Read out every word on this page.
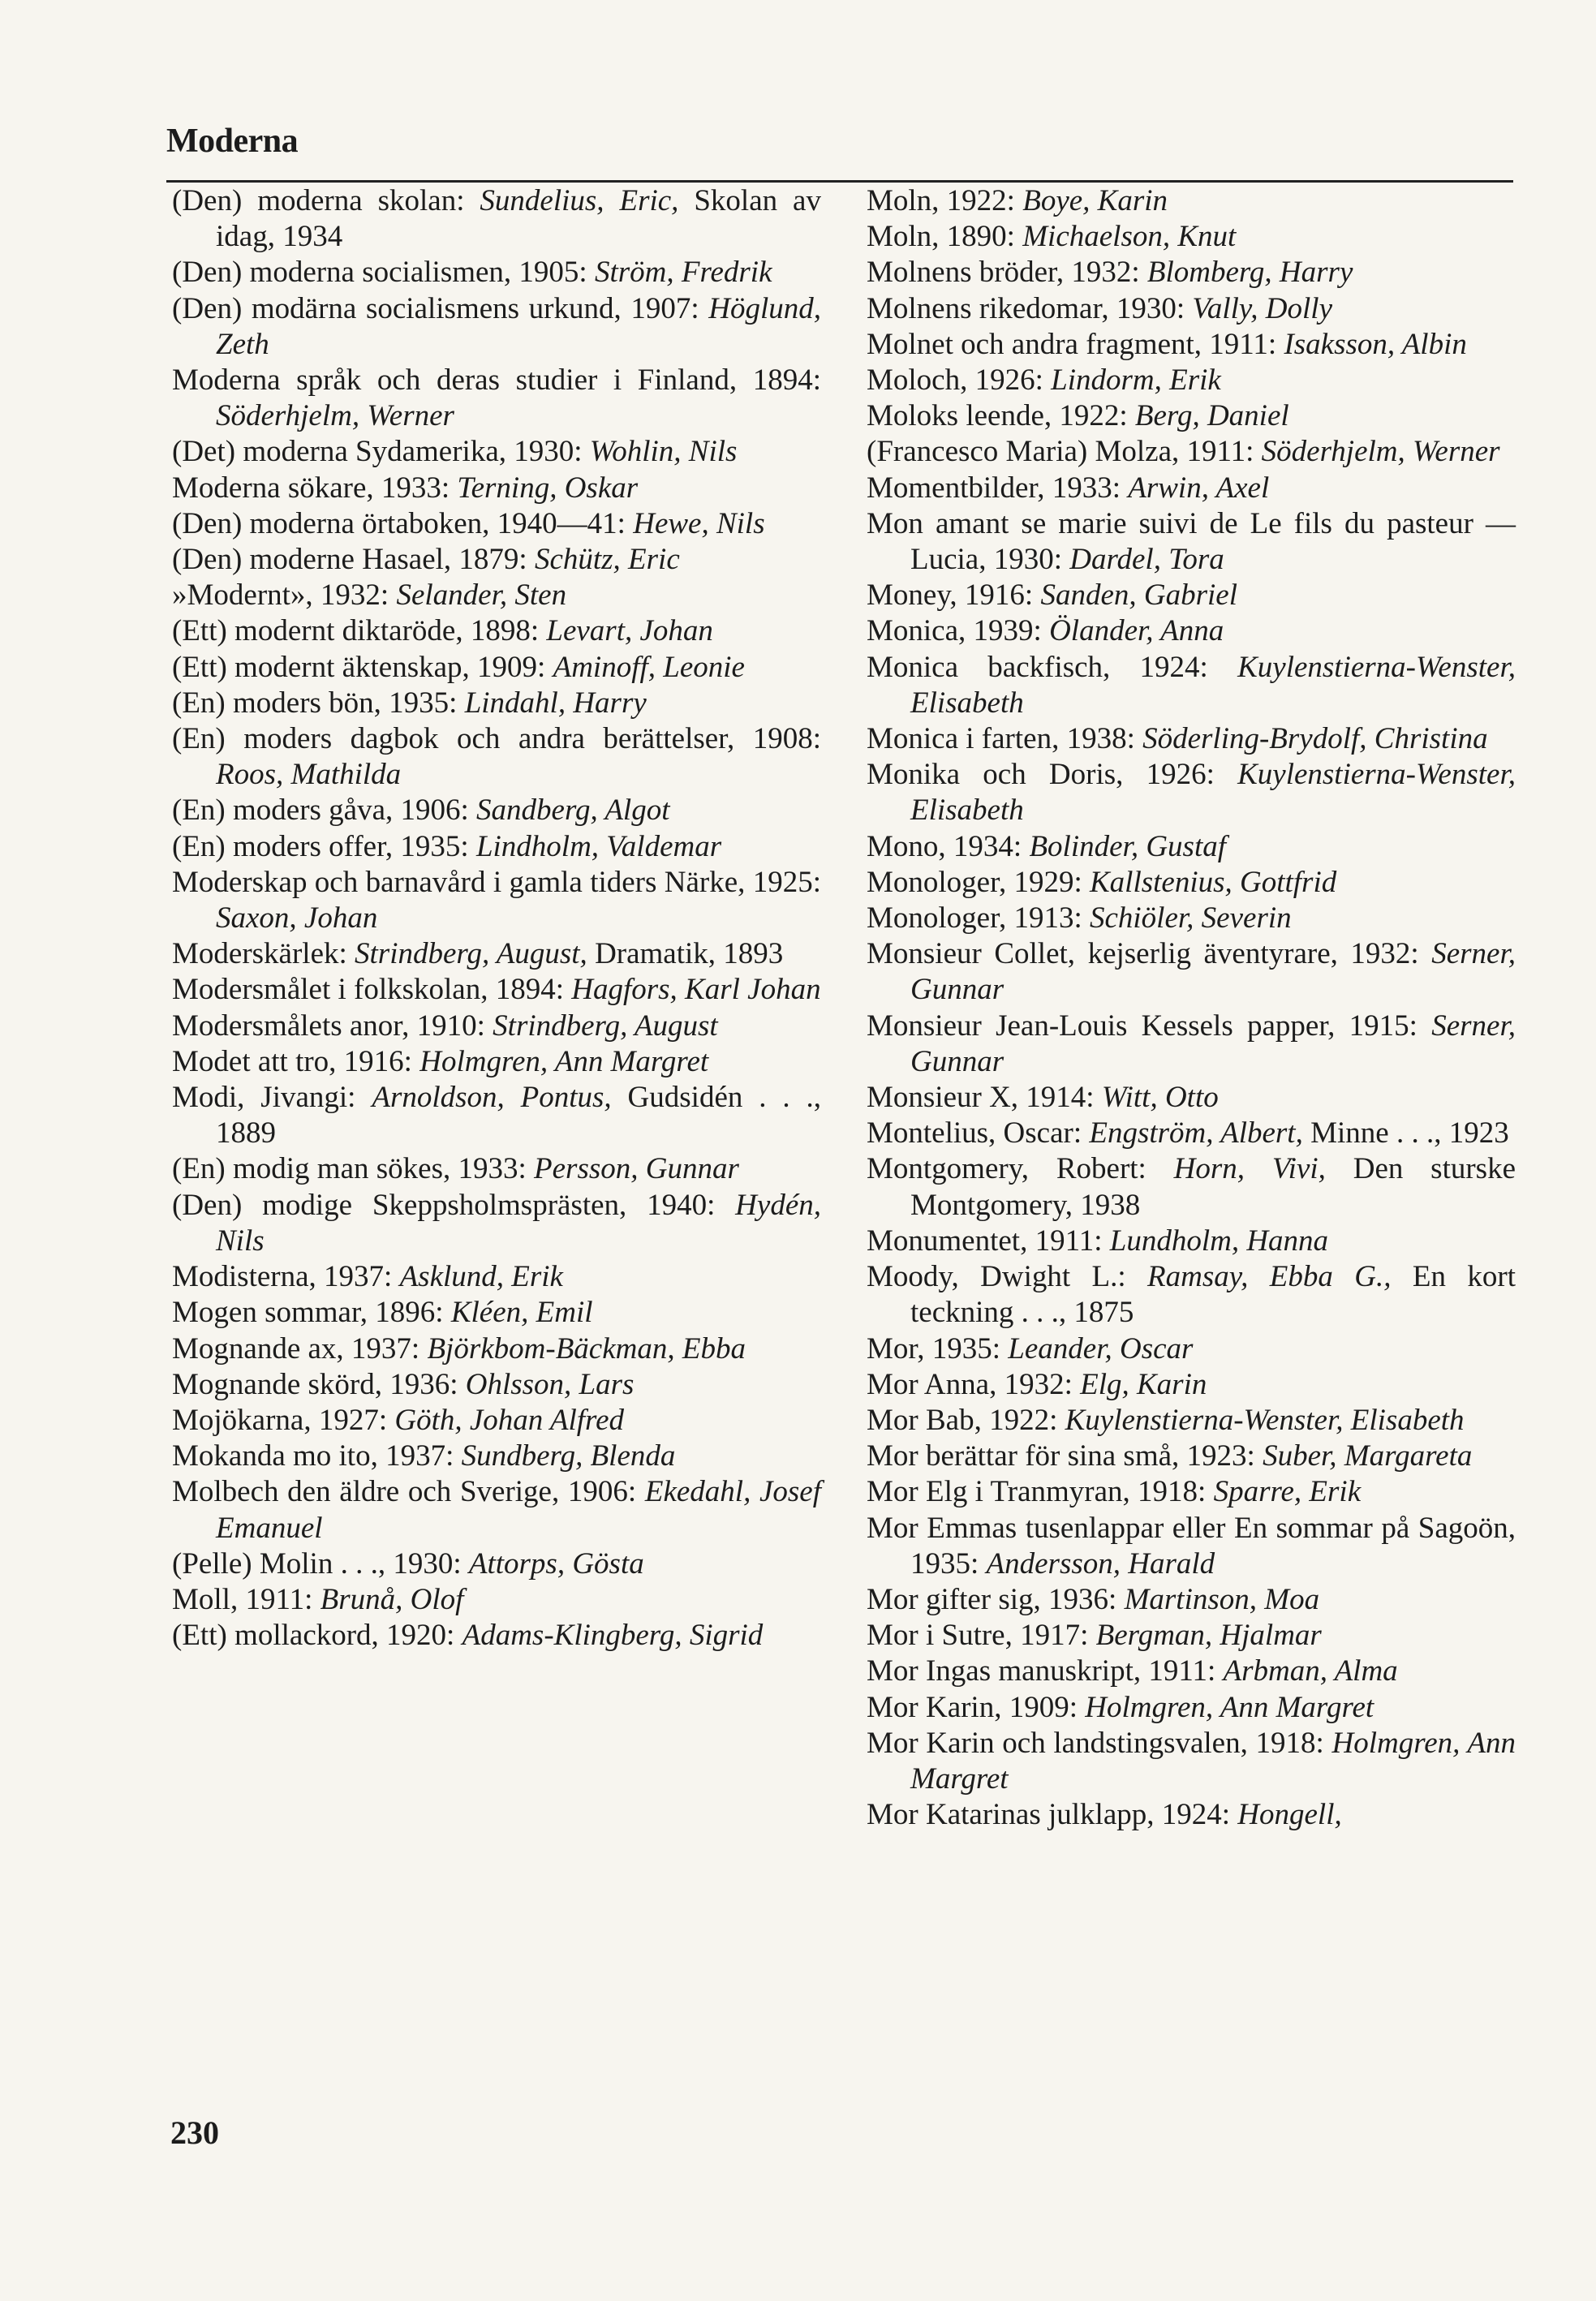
Moderna
(Den) moderna skolan: Sundelius, Eric, Skolan av idag, 1934
(Den) moderna socialismen, 1905: Ström, Fredrik
(Den) modärna socialismens urkund, 1907: Höglund, Zeth
Moderna språk och deras studier i Finland, 1894: Söderhjelm, Werner
(Det) moderna Sydamerika, 1930: Wohlin, Nils
Moderna sökare, 1933: Terning, Oskar
(Den) moderna örtaboken, 1940—41: Hewe, Nils
(Den) moderne Hasael, 1879: Schütz, Eric
»Modernt», 1932: Selander, Sten
(Ett) modernt diktaröde, 1898: Levart, Johan
(Ett) modernt äktenskap, 1909: Aminoff, Leonie
(En) moders bön, 1935: Lindahl, Harry
(En) moders dagbok och andra berättelser, 1908: Roos, Mathilda
(En) moders gåva, 1906: Sandberg, Algot
(En) moders offer, 1935: Lindholm, Valdemar
Moderskap och barnavård i gamla tiders Närke, 1925: Saxon, Johan
Moderskärlek: Strindberg, August, Dramatik, 1893
Modersmålet i folkskolan, 1894: Hagfors, Karl Johan
Modersmålets anor, 1910: Strindberg, August
Modet att tro, 1916: Holmgren, Ann Margret
Modi, Jivangi: Arnoldson, Pontus, Gudsidén . . ., 1889
(En) modig man sökes, 1933: Persson, Gunnar
(Den) modige Skeppsholmsprästen, 1940: Hydén, Nils
Modisterna, 1937: Asklund, Erik
Mogen sommar, 1896: Kléen, Emil
Mognande ax, 1937: Björkbom-Bäckman, Ebba
Mognande skörd, 1936: Ohlsson, Lars
Mojökarna, 1927: Göth, Johan Alfred
Mokanda mo ito, 1937: Sundberg, Blenda
Molbech den äldre och Sverige, 1906: Ekedahl, Josef Emanuel
(Pelle) Molin . . ., 1930: Attorps, Gösta
Moll, 1911: Brunå, Olof
(Ett) mollackord, 1920: Adams-Klingberg, Sigrid
Moln, 1922: Boye, Karin
Moln, 1890: Michaelson, Knut
Molnens bröder, 1932: Blomberg, Harry
Molnens rikedomar, 1930: Vally, Dolly
Molnet och andra fragment, 1911: Isaksson, Albin
Moloch, 1926: Lindorm, Erik
Moloks leende, 1922: Berg, Daniel
(Francesco Maria) Molza, 1911: Söderhjelm, Werner
Momentbilder, 1933: Arwin, Axel
Mon amant se marie suivi de Le fils du pasteur — Lucia, 1930: Dardel, Tora
Money, 1916: Sanden, Gabriel
Monica, 1939: Ölander, Anna
Monica backfisch, 1924: Kuylenstierna-Wenster, Elisabeth
Monica i farten, 1938: Söderling-Brydolf, Christina
Monika och Doris, 1926: Kuylenstierna-Wenster, Elisabeth
Mono, 1934: Bolinder, Gustaf
Monologer, 1929: Kallstenius, Gottfrid
Monologer, 1913: Schiöler, Severin
Monsieur Collet, kejserlig äventyrare, 1932: Serner, Gunnar
Monsieur Jean-Louis Kessels papper, 1915: Serner, Gunnar
Monsieur X, 1914: Witt, Otto
Montelius, Oscar: Engström, Albert, Minne . . ., 1923
Montgomery, Robert: Horn, Vivi, Den sturske Montgomery, 1938
Monumentet, 1911: Lundholm, Hanna
Moody, Dwight L.: Ramsay, Ebba G., En kort teckning . . ., 1875
Mor, 1935: Leander, Oscar
Mor Anna, 1932: Elg, Karin
Mor Bab, 1922: Kuylenstierna-Wenster, Elisabeth
Mor berättar för sina små, 1923: Suber, Margareta
Mor Elg i Tranmyran, 1918: Sparre, Erik
Mor Emmas tusenlappar eller En sommar på Sagoön, 1935: Andersson, Harald
Mor gifter sig, 1936: Martinson, Moa
Mor i Sutre, 1917: Bergman, Hjalmar
Mor Ingas manuskript, 1911: Arbman, Alma
Mor Karin, 1909: Holmgren, Ann Margret
Mor Karin och landstingsvalen, 1918: Holmgren, Ann Margret
Mor Katarinas julklapp, 1924: Hongell,
230
